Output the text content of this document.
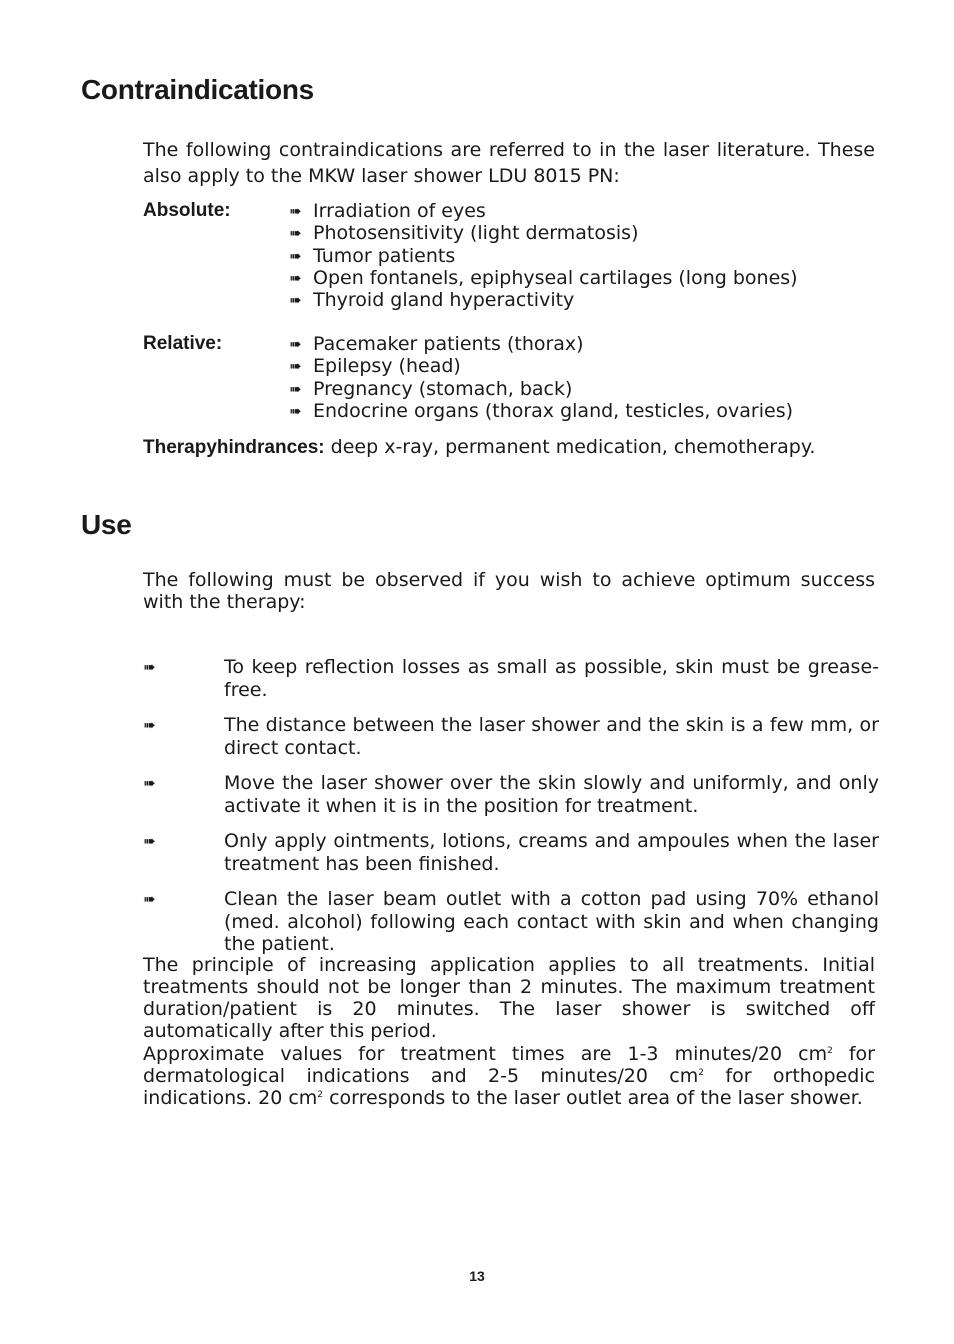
Contraindications

The following contraindications are referred to in the laser literature. These also apply to the MKW laser shower LDU 8015 PN:

Absolute:	➠ Irradiation of eyes
➠ Photosensitivity (light dermatosis)
➠ Tumor patients
➠ Open fontanels, epiphyseal cartilages (long bones)
➠ Thyroid gland hyperactivity
Relative:	➠ Pacemaker patients (thorax)
➠ Epilepsy (head)
➠ Pregnancy (stomach, back)
➠ Endocrine organs (thorax gland, testicles, ovaries)
Therapyhindrances: deep x-ray, permanent medication, chemotherapy.
Use

The following must be observed if you wish to achieve optimum success with the therapy:

➠	To keep reflection losses as small as possible, skin must be grease-free.
➠	The distance between the laser shower and the skin is a few mm, or direct contact.
➠	Move the laser shower over the skin slowly and uniformly, and only activate it when it is in the position for treatment.
➠	Only apply ointments, lotions, creams and ampoules when the laser treatment has been finished.
➠	Clean the laser beam outlet with a cotton pad using 70% ethanol (med. alcohol) following each contact with skin and when changing the patient.

The principle of increasing application applies to all treatments. Initial treatments should not be longer than 2 minutes. The maximum treatment duration/patient is 20 minutes. The laser shower is switched off automatically after this period.

Approximate values for treatment times are 1-3 minutes/20 $cm^2$ for dermatological indications and 2-5 minutes/20 $cm^2$ for orthopedic indications. 20 $cm^2$ corresponds to the laser outlet area of the laser shower.

13
